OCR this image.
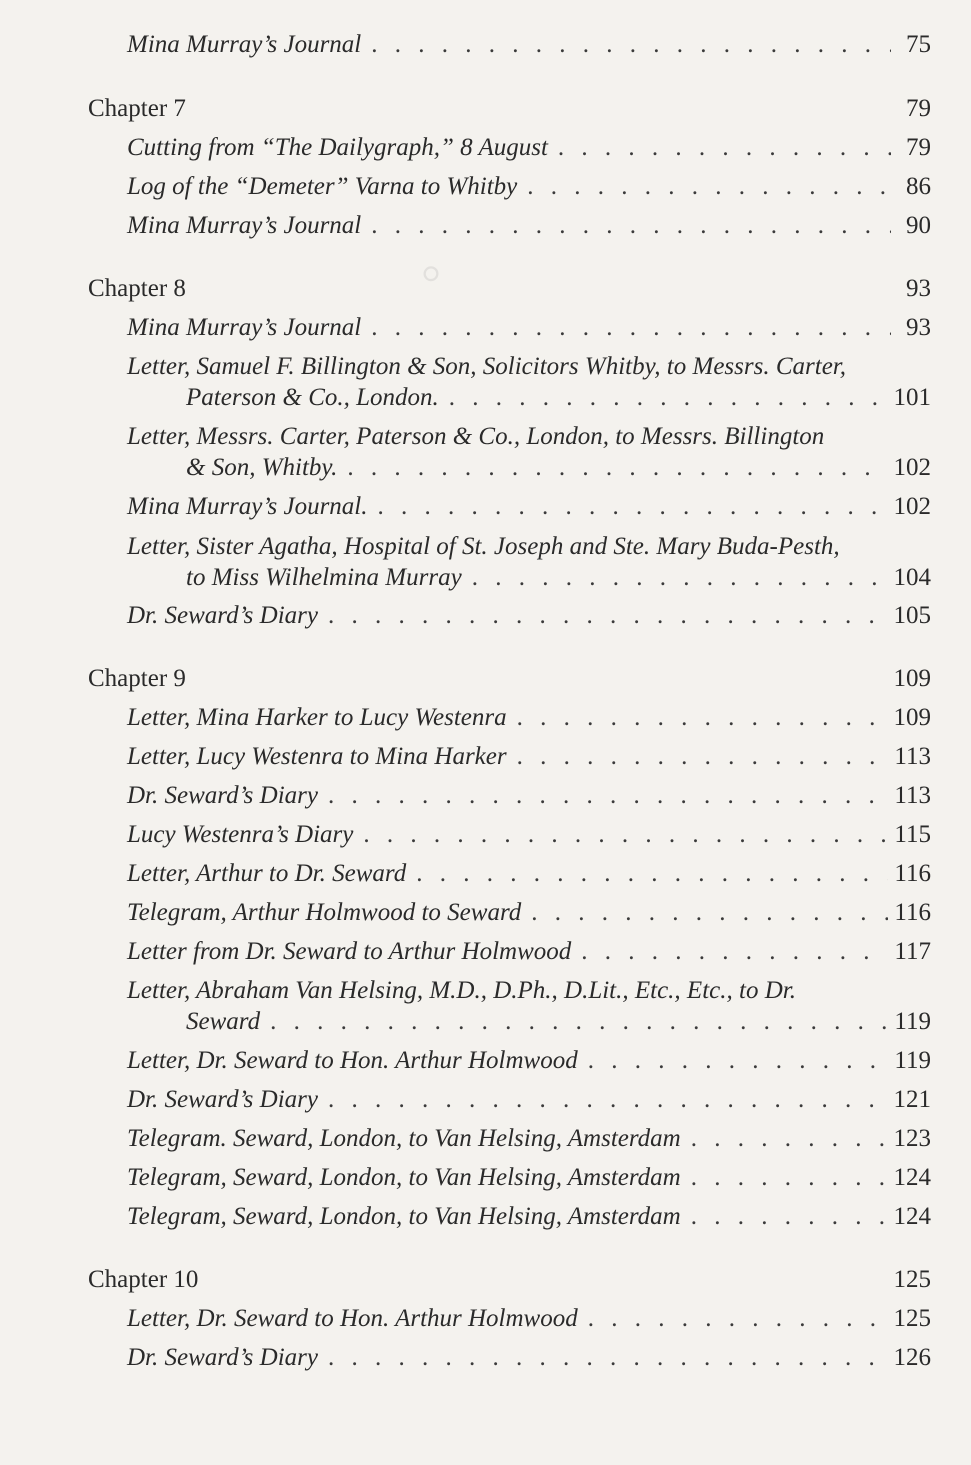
◦
Mina Murray’s Journal . . .	75
Chapter 7	79
Cutting from “The Dailygraph,” 8 August . . .	79
Log of the “Demeter” Varna to Whitby . . .	86
Mina Murray’s Journal . . .	90
Chapter 8	93
Mina Murray’s Journal . . .	93
Letter, Samuel F. Billington & Son, Solicitors Whitby, to Messrs. Carter,
Paterson & Co., London. . . .	101
Letter, Messrs. Carter, Paterson & Co., London, to Messrs. Billington
& Son, Whitby. . . .	102
Mina Murray’s Journal. . . .	102
Letter, Sister Agatha, Hospital of St. Joseph and Ste. Mary Buda-Pesth,
to Miss Wilhelmina Murray . . .	104
Dr. Seward’s Diary . . .	105
Chapter 9	109
Letter, Mina Harker to Lucy Westenra . . .	109
Letter, Lucy Westenra to Mina Harker . . .	113
Dr. Seward’s Diary . . .	113
Lucy Westenra’s Diary . . .	115
Letter, Arthur to Dr. Seward . . .	116
Telegram, Arthur Holmwood to Seward . . .	116
Letter from Dr. Seward to Arthur Holmwood . . .	117
Letter, Abraham Van Helsing, M.D., D.Ph., D.Lit., Etc., Etc., to Dr.
Seward . . .	119
Letter, Dr. Seward to Hon. Arthur Holmwood . . .	119
Dr. Seward’s Diary . . .	121
Telegram. Seward, London, to Van Helsing, Amsterdam . . .	123
Telegram, Seward, London, to Van Helsing, Amsterdam . . .	124
Telegram, Seward, London, to Van Helsing, Amsterdam . . .	124
Chapter 10	125
Letter, Dr. Seward to Hon. Arthur Holmwood . . .	125
Dr. Seward’s Diary . . .	126
